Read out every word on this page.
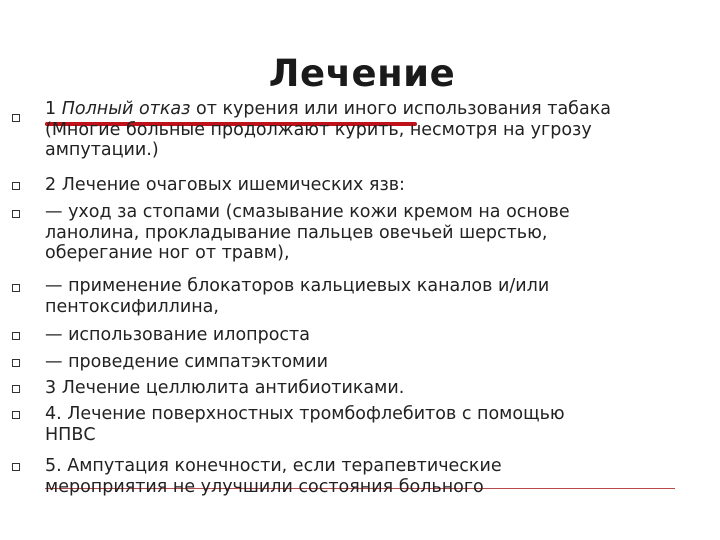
Лечение
1 Полный отказ от курения или иного использования табака
(Многие больные продолжают курить, несмотря на угрозу
ампутации.)
2 Лечение очаговых ишемических язв:
— уход за стопами (смазывание кожи кремом на основе
ланолина, прокладывание пальцев овечьей шерстью,
оберегание ног от травм),
— применение блокаторов кальциевых каналов и/или
пентоксифиллина,
— использование илопроста
— проведение симпатэктомии
3 Лечение целлюлита антибиотиками.
4. Лечение поверхностных тромбофлебитов с помощью
НПВС
5. Ампутация конечности, если терапевтические
мероприятия не улучшили состояния больного
